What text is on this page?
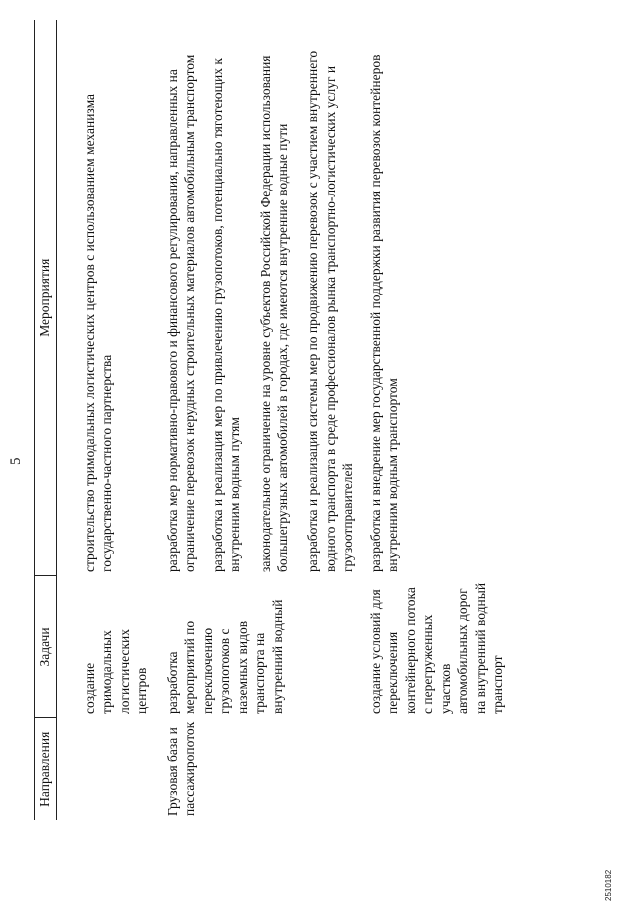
5
Направления	Задачи	Мероприятия
	создание тримодальных логистических центров	строительство тримодальных логистических центров с использованием механизма государственно-частного партнерства

Грузовая база и пассажиропоток	разработка мероприятий по переключению грузопотоков с наземных видов транспорта на внутренний водный	разработка мер нормативно-правового и финансового регулирования, направленных на ограничение перевозок нерудных строительных материалов автомобильным транспортом разработка и реализация мер по привлечению грузопотоков, потенциально тяготеющих к внутренним водным путям законодательное ограничение на уровне субъектов Российской Федерации использования большегрузных автомобилей в городах, где имеются внутренние водные пути разработка и реализация системы мер по продвижению перевозок с участием внутреннего водного транспорта в среде профессионалов рынка транспортно-логистических услуг и грузоотправителей

	создание условий для переключения контейнерного потока с перегруженных участков автомобильных дорог на внутренний водный транспорт	разработка и внедрение мер государственной поддержки развития перевозок контейнеров внутренним водным транспортом

2510182
